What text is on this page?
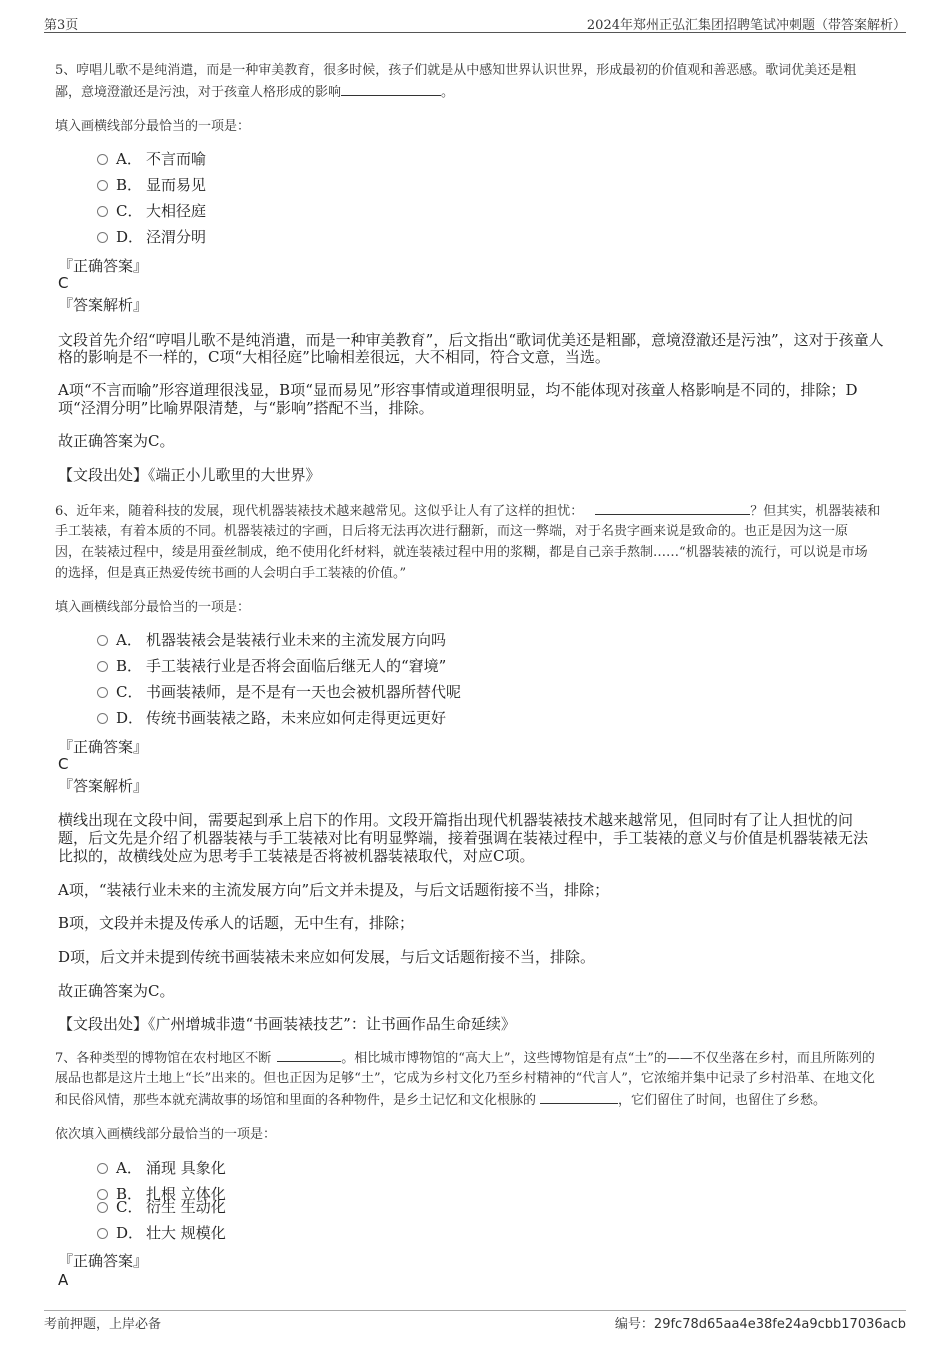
第3页	2024年郑州正弘汇集团招聘笔试冲刺题（带答案解析）
5、哼唱儿歌不是纯消遣，而是一种审美教育，很多时候，孩子们就是从中感知世界认识世界，形成最初的价值观和善恶感。歌词优美还是粗
鄙，意境澄澈还是污浊，对于孩童人格形成的影响	。
填入画横线部分最恰当的一项是：
A． 不言而喻
B． 显而易见
C． 大相径庭
D． 泾渭分明
『正确答案』
C
『答案解析』
文段首先介绍“哼唱儿歌不是纯消遣，而是一种审美教育”，后文指出“歌词优美还是粗鄙，意境澄澈还是污浊”，这对于孩童人
格的影响是不一样的，C项“大相径庭”比喻相差很远，大不相同，符合文意，当选。
A项“不言而喻”形容道理很浅显，B项“显而易见”形容事情或道理很明显，均不能体现对孩童人格影响是不同的，排除；D
项“泾渭分明”比喻界限清楚，与“影响”搭配不当，排除。
故正确答案为C。
【文段出处】《端正小儿歌里的大世界》
6、近年来，随着科技的发展，现代机器装裱技术越来越常见。这似乎让人有了这样的担忧：	？但其实，机器装裱和
手工装裱，有着本质的不同。机器装裱过的字画，日后将无法再次进行翻新，而这一弊端，对于名贵字画来说是致命的。也正是因为这一原
因，在装裱过程中，绫是用蚕丝制成，绝不使用化纤材料，就连装裱过程中用的浆糊，都是自己亲手熬制……“机器装裱的流行，可以说是市场
的选择，但是真正热爱传统书画的人会明白手工装裱的价值。”
填入画横线部分最恰当的一项是：
A． 机器装裱会是装裱行业未来的主流发展方向吗
B． 手工装裱行业是否将会面临后继无人的“窘境”
C． 书画装裱师，是不是有一天也会被机器所替代呢
D． 传统书画装裱之路，未来应如何走得更远更好
『正确答案』
C
『答案解析』
横线出现在文段中间，需要起到承上启下的作用。文段开篇指出现代机器装裱技术越来越常见，但同时有了让人担忧的问
题，后文先是介绍了机器装裱与手工装裱对比有明显弊端，接着强调在装裱过程中，手工装裱的意义与价值是机器装裱无法
比拟的，故横线处应为思考手工装裱是否将被机器装裱取代，对应C项。
A项，“装裱行业未来的主流发展方向”后文并未提及，与后文话题衔接不当，排除；
B项，文段并未提及传承人的话题，无中生有，排除；
D项，后文并未提到传统书画装裱未来应如何发展，与后文话题衔接不当，排除。
故正确答案为C。
【文段出处】《广州增城非遗“书画装裱技艺”：让书画作品生命延续》
7、各种类型的博物馆在农村地区不断	。相比城市博物馆的“高大上”，这些博物馆是有点“土”的——不仅坐落在乡村，而且所陈列的
展品也都是这片土地上“长”出来的。但也正因为足够“土”，它成为乡村文化乃至乡村精神的“代言人”，它浓缩并集中记录了乡村沿革、在地文化
和民俗风情，那些本就充满故事的场馆和里面的各种物件，是乡土记忆和文化根脉的	，它们留住了时间，也留住了乡愁。
依次填入画横线部分最恰当的一项是：
A． 涌现 具象化
B． 扎根 立体化
C． 衍生 生动化
D． 壮大 规模化
『正确答案』
A
考前押题，上岸必备	编号：29fc78d65aa4e38fe24a9cbb17036acb
